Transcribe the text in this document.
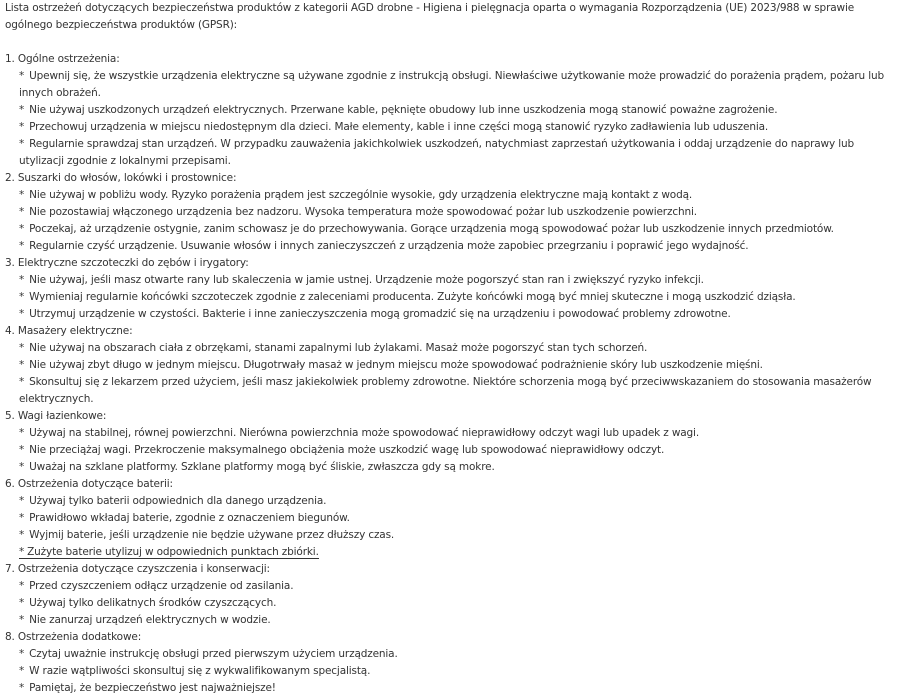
Lista ostrzeżeń dotyczących bezpieczeństwa produktów z kategorii AGD drobne - Higiena i pielęgnacja oparta o wymagania Rozporządzenia (UE) 2023/988 w sprawie ogólnego bezpieczeństwa produktów (GPSR):
1. Ogólne ostrzeżenia:
* Upewnij się, że wszystkie urządzenia elektryczne są używane zgodnie z instrukcją obsługi. Niewłaściwe użytkowanie może prowadzić do porażenia prądem, pożaru lub innych obrażeń.
* Nie używaj uszkodzonych urządzeń elektrycznych. Przerwane kable, pęknięte obudowy lub inne uszkodzenia mogą stanowić poważne zagrożenie.
* Przechowuj urządzenia w miejscu niedostępnym dla dzieci. Małe elementy, kable i inne części mogą stanowić ryzyko zadławienia lub uduszenia.
* Regularnie sprawdzaj stan urządzeń. W przypadku zauważenia jakichkolwiek uszkodzeń, natychmiast zaprzestań użytkowania i oddaj urządzenie do naprawy lub utylizacji zgodnie z lokalnymi przepisami.
2. Suszarki do włosów, lokówki i prostownice:
* Nie używaj w pobliżu wody. Ryzyko porażenia prądem jest szczególnie wysokie, gdy urządzenia elektryczne mają kontakt z wodą.
* Nie pozostawiaj włączonego urządzenia bez nadzoru. Wysoka temperatura może spowodować pożar lub uszkodzenie powierzchni.
* Poczekaj, aż urządzenie ostygnie, zanim schowasz je do przechowywania. Gorące urządzenia mogą spowodować pożar lub uszkodzenie innych przedmiotów.
* Regularnie czyść urządzenie. Usuwanie włosów i innych zanieczyszczeń z urządzenia może zapobiec przegrzaniu i poprawić jego wydajność.
3. Elektryczne szczoteczki do zębów i irygatory:
* Nie używaj, jeśli masz otwarte rany lub skaleczenia w jamie ustnej. Urządzenie może pogorszyć stan ran i zwiększyć ryzyko infekcji.
* Wymieniaj regularnie końcówki szczoteczek zgodnie z zaleceniami producenta. Zużyte końcówki mogą być mniej skuteczne i mogą uszkodzić dziąsła.
* Utrzymuj urządzenie w czystości. Bakterie i inne zanieczyszczenia mogą gromadzić się na urządzeniu i powodować problemy zdrowotne.
4. Masażery elektryczne:
* Nie używaj na obszarach ciała z obrzękami, stanami zapalnymi lub żylakami. Masaż może pogorszyć stan tych schorzeń.
* Nie używaj zbyt długo w jednym miejscu. Długotrwały masaż w jednym miejscu może spowodować podrażnienie skóry lub uszkodzenie mięśni.
* Skonsultuj się z lekarzem przed użyciem, jeśli masz jakiekolwiek problemy zdrowotne. Niektóre schorzenia mogą być przeciwwskazaniem do stosowania masażerów elektrycznych.
5. Wagi łazienkowe:
* Używaj na stabilnej, równej powierzchni. Nierówna powierzchnia może spowodować nieprawidłowy odczyt wagi lub upadek z wagi.
* Nie przeciążaj wagi. Przekroczenie maksymalnego obciążenia może uszkodzić wagę lub spowodować nieprawidłowy odczyt.
* Uważaj na szklane platformy. Szklane platformy mogą być śliskie, zwłaszcza gdy są mokre.
6. Ostrzeżenia dotyczące baterii:
* Używaj tylko baterii odpowiednich dla danego urządzenia.
* Prawidłowo wkładaj baterie, zgodnie z oznaczeniem biegunów.
* Wyjmij baterie, jeśli urządzenie nie będzie używane przez dłuższy czas.
* Zużyte baterie utylizuj w odpowiednich punktach zbiórki.
7. Ostrzeżenia dotyczące czyszczenia i konserwacji:
* Przed czyszczeniem odłącz urządzenie od zasilania.
* Używaj tylko delikatnych środków czyszczących.
* Nie zanurzaj urządzeń elektrycznych w wodzie.
8. Ostrzeżenia dodatkowe:
* Czytaj uważnie instrukcję obsługi przed pierwszym użyciem urządzenia.
* W razie wątpliwości skonsultuj się z wykwalifikowanym specjalistą.
* Pamiętaj, że bezpieczeństwo jest najważniejsze!
